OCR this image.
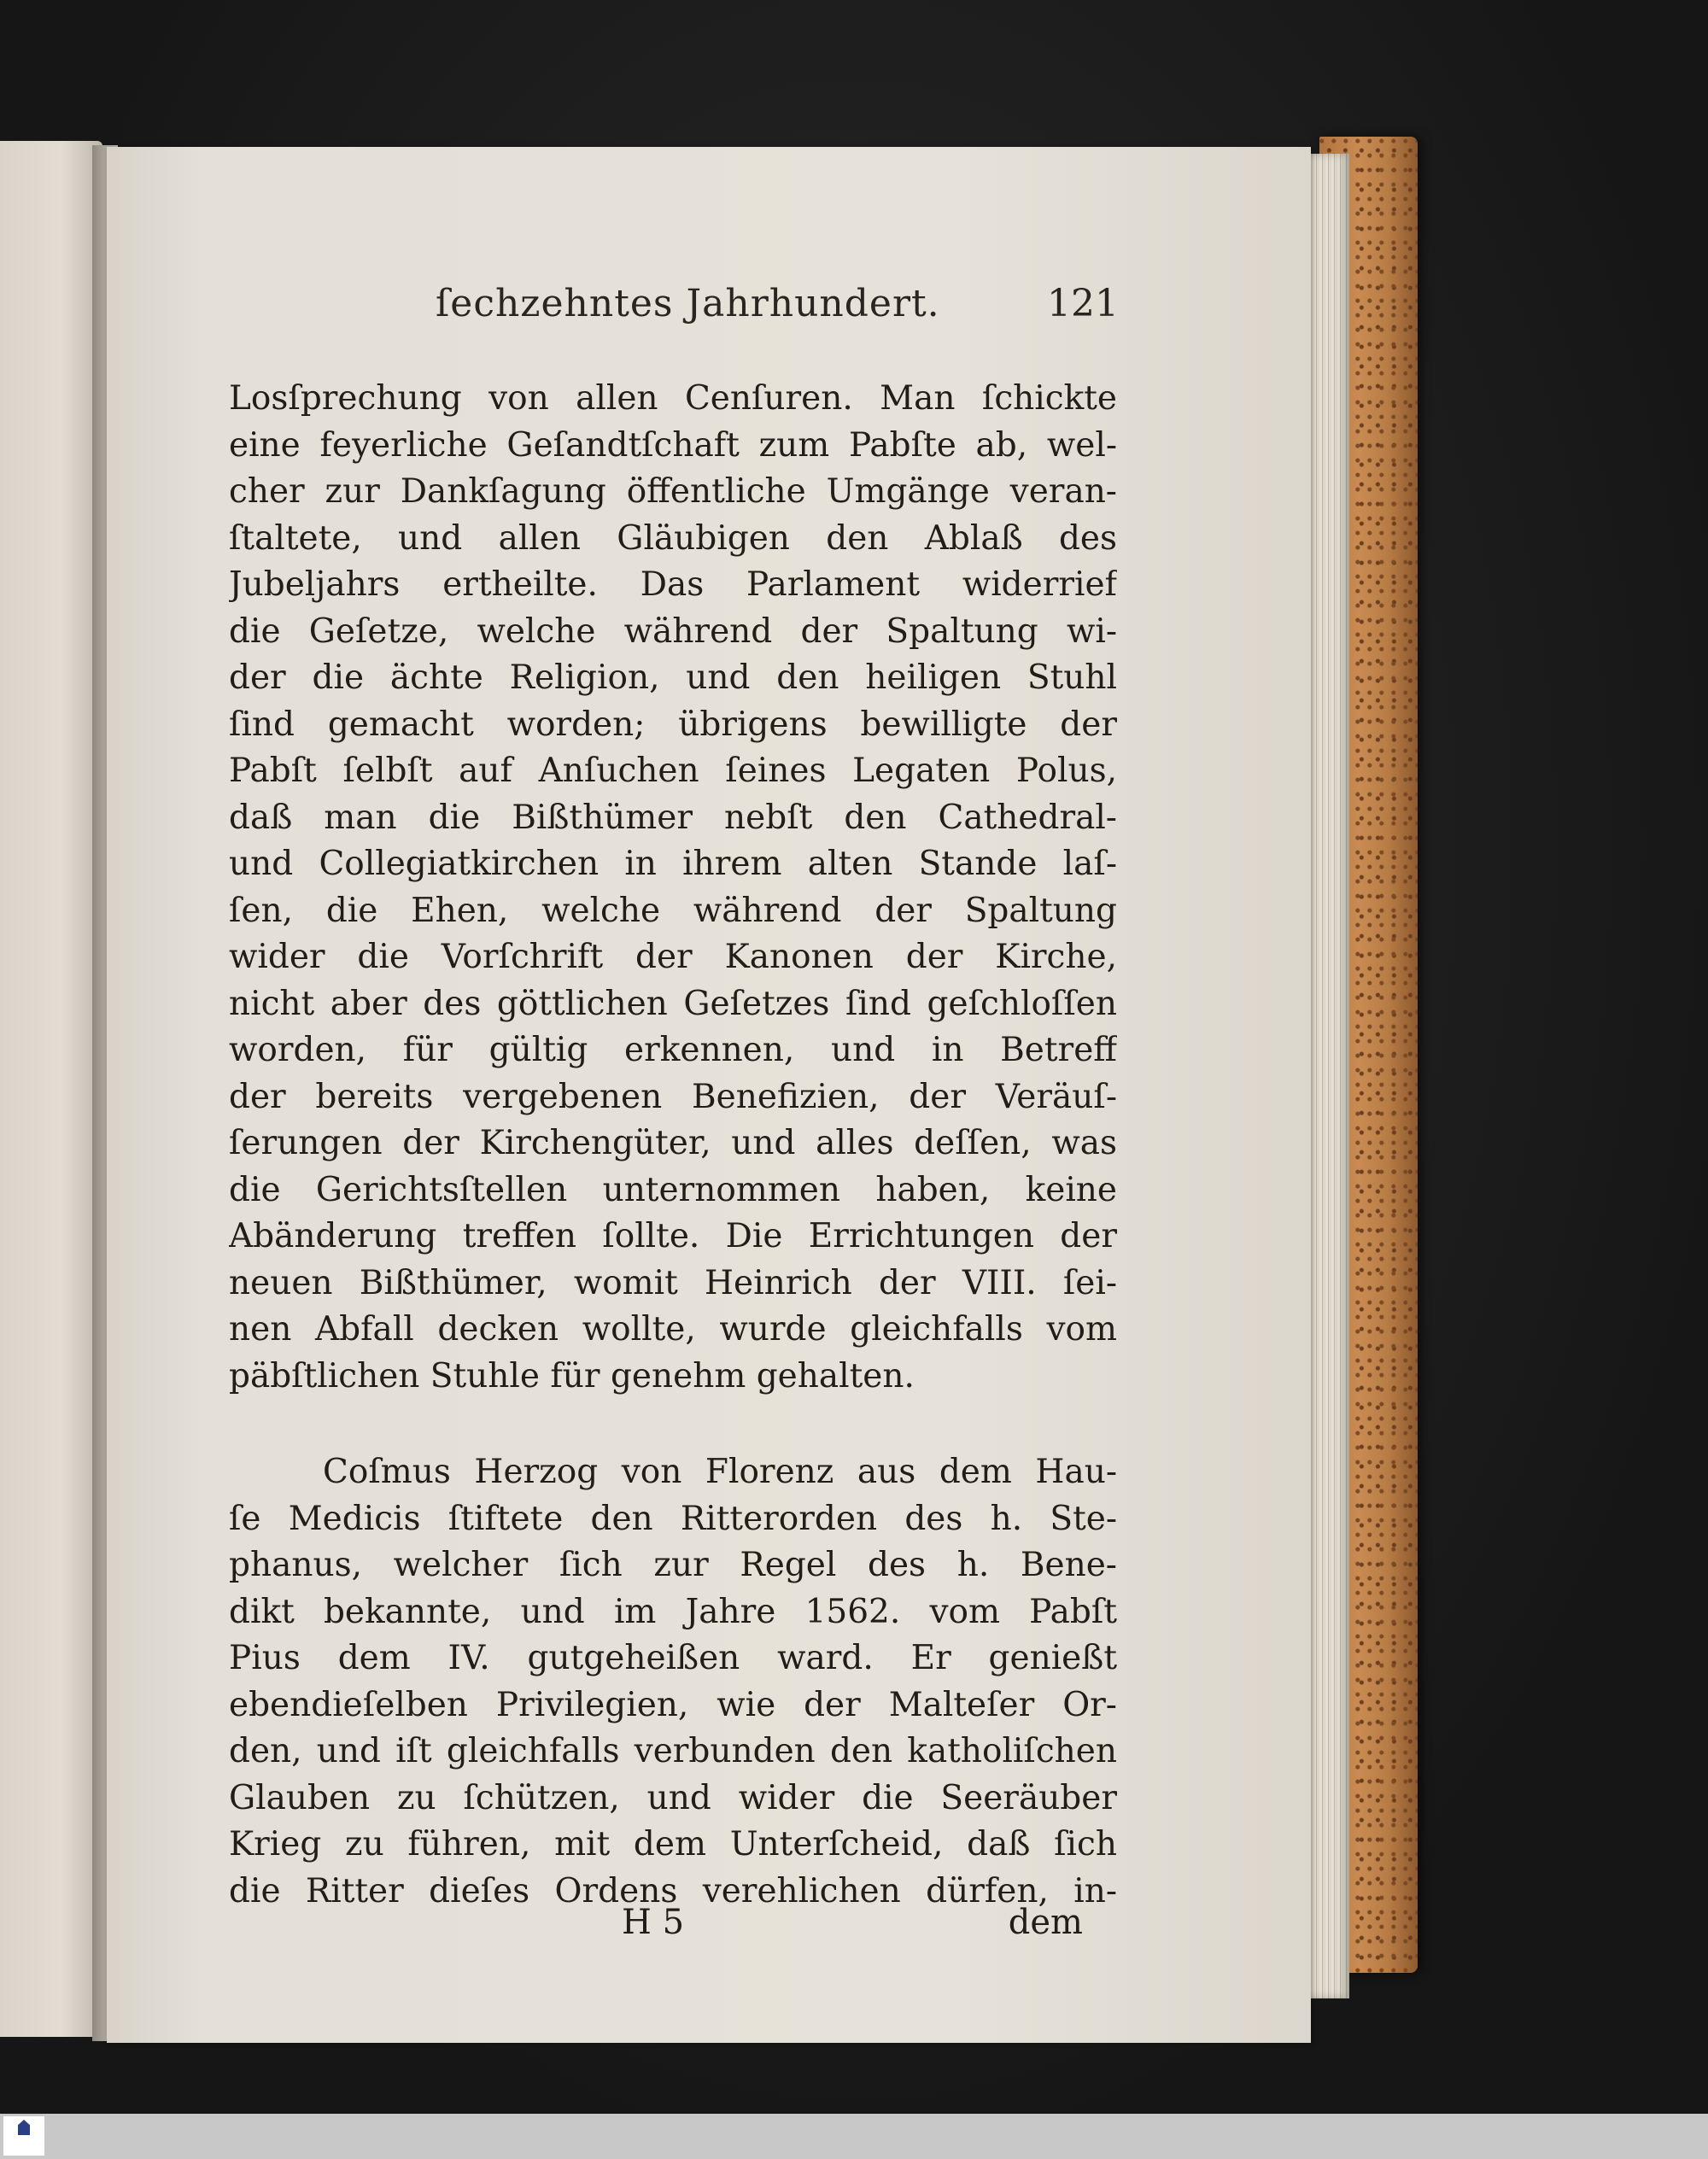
ſechzehntes Jahrhundert.	121
Losſprechung von allen Cenſuren. Man ſchickte
eine feyerliche Geſandtſchaft zum Pabſte ab, wel-
cher zur Dankſagung öffentliche Umgänge veran-
ſtaltete, und allen Gläubigen den Ablaß des
Jubeljahrs ertheilte. Das Parlament widerrief
die Geſetze, welche während der Spaltung wi-
der die ächte Religion, und den heiligen Stuhl
ſind gemacht worden; übrigens bewilligte der
Pabſt ſelbſt auf Anſuchen ſeines Legaten Polus,
daß man die Bißthümer nebſt den Cathedral-
und Collegiatkirchen in ihrem alten Stande laſ-
ſen, die Ehen, welche während der Spaltung
wider die Vorſchrift der Kanonen der Kirche,
nicht aber des göttlichen Geſetzes ſind geſchloſſen
worden, für gültig erkennen, und in Betreff
der bereits vergebenen Benefizien, der Veräuſ-
ſerungen der Kirchengüter, und alles deſſen, was
die Gerichtsſtellen unternommen haben, keine
Abänderung treffen ſollte. Die Errichtungen der
neuen Bißthümer, womit Heinrich der VIII. ſei-
nen Abfall decken wollte, wurde gleichfalls vom
päbſtlichen Stuhle für genehm gehalten.
Coſmus Herzog von Florenz aus dem Hau-
ſe Medicis ſtiftete den Ritterorden des h. Ste-
phanus, welcher ſich zur Regel des h. Bene-
dikt bekannte, und im Jahre 1562. vom Pabſt
Pius dem IV. gutgeheißen ward. Er genießt
ebendieſelben Privilegien, wie der Malteſer Or-
den, und iſt gleichfalls verbunden den katholiſchen
Glauben zu ſchützen, und wider die Seeräuber
Krieg zu führen, mit dem Unterſcheid, daß ſich
die Ritter dieſes Ordens verehlichen dürfen, in-
H 5	dem
